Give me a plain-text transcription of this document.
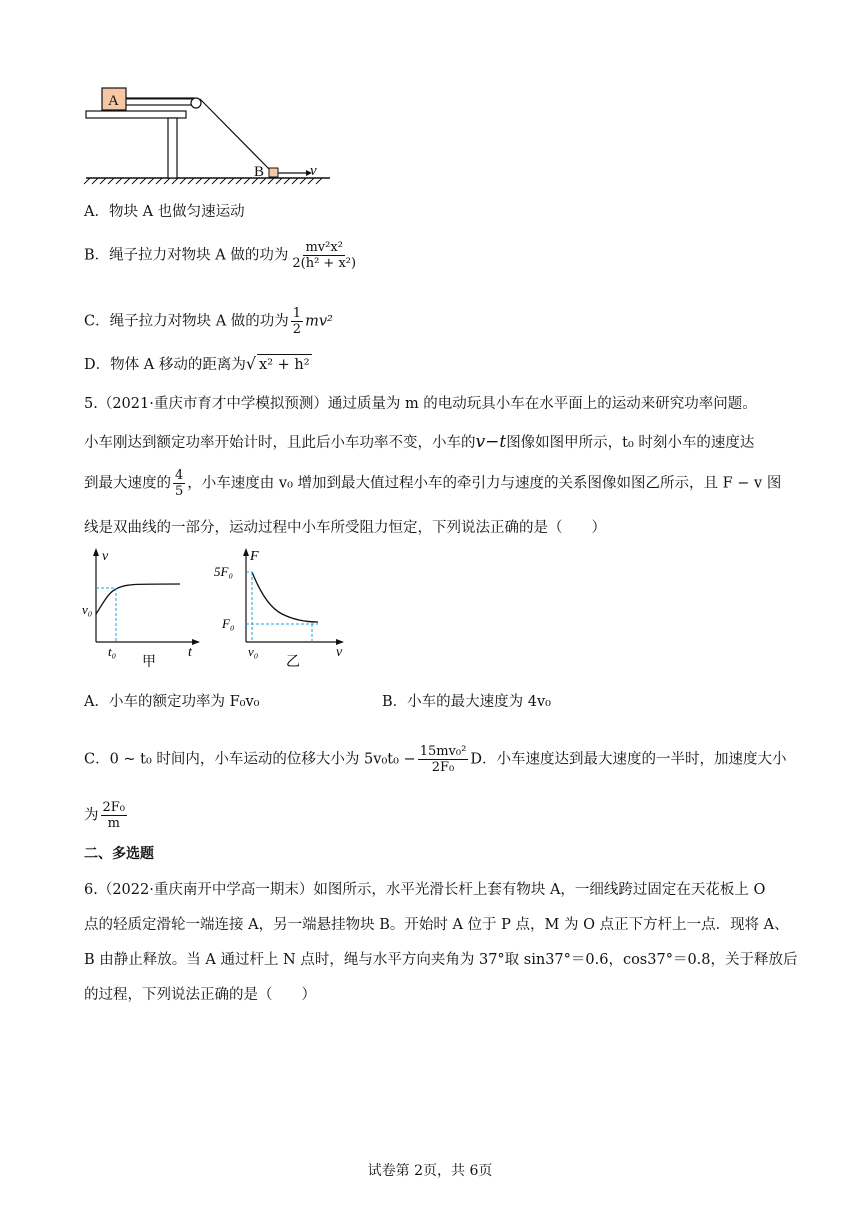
A
B	v
A．物块 A 也做匀速运动
B．绳子拉力对物块 A 做的功为 $\frac{\text{mv²x²}}{\text{2(h² + x²)}}$
C．绳子拉力对物块 A 做的功为 $\frac{1}{2} mv^2$
D．物体 A 移动的距离为√ x² + h²
5.（2021·重庆市育才中学模拟预测）通过质量为 m 的电动玩具小车在水平面上的运动来研究功率问题。
小车刚达到额定功率开始计时，且此后小车功率不变，小车的v−t图像如图甲所示，t₀ 时刻小车的速度达
到最大速度的 $\frac{4}{5}$ ，小车速度由 v₀ 增加到最大值过程小车的牵引力与速度的关系图像如图乙所示，且 F − v 图
线是双曲线的一部分，运动过程中小车所受阻力恒定，下列说法正确的是（　　）
v
t
v₀
t₀
甲
F
v
5F₀
F₀
v₀
乙
A．小车的额定功率为 F₀v₀	B．小车的最大速度为 4v₀
C．0 ~ t₀ 时间内，小车运动的位移大小为 $5v_0t_0 - \frac{\text{15mv₀²}}{\text{2F₀}}$ D．小车速度达到最大速度的一半时，加速度大小
为 $\frac{\text{2F₀}}{m}$
二、多选题
6.（2022·重庆南开中学高一期末）如图所示，水平光滑长杆上套有物块 A，一细线跨过固定在天花板上 O
点的轻质定滑轮一端连接 A，另一端悬挂物块 B。开始时 A 位于 P 点，M 为 O 点正下方杆上一点．现将 A、
B 由静止释放。当 A 通过杆上 N 点时，绳与水平方向夹角为 37°取 sin37°＝0.6，cos37°＝0.8，关于释放后
的过程，下列说法正确的是（　　）
试卷第 2页，共 6页
